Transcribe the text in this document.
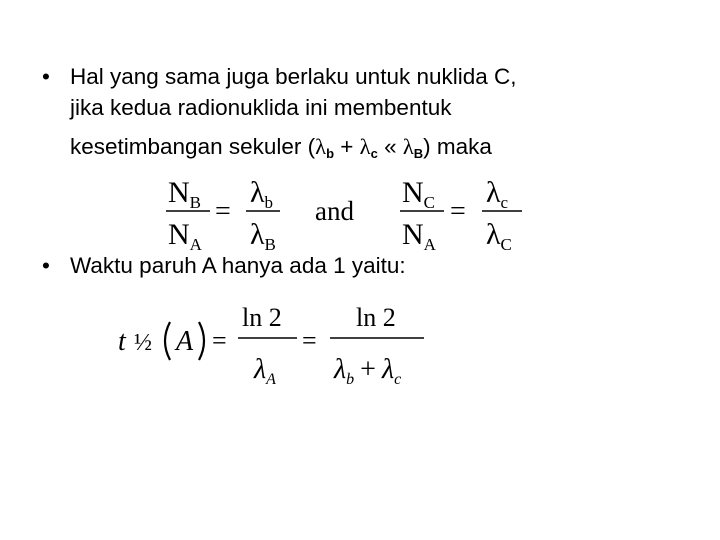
• Hal yang sama juga berlaku untuk nuklida C,
jika kedua radionuklida ini membentuk
kesetimbangan sekuler ($\lambda_b + \lambda_c$ « $\lambda_B$) maka
$N_B$
$N_A$
=
$\lambda_b$
$\lambda_B$
and
$N_C$
$N_A$
=
$\lambda_c$
$\lambda_C$
• Waktu paruh A hanya ada 1 yaitu:
t ½ A =
ln 2
$\lambda_A$
=
ln 2
$\lambda_b + \lambda_c$
